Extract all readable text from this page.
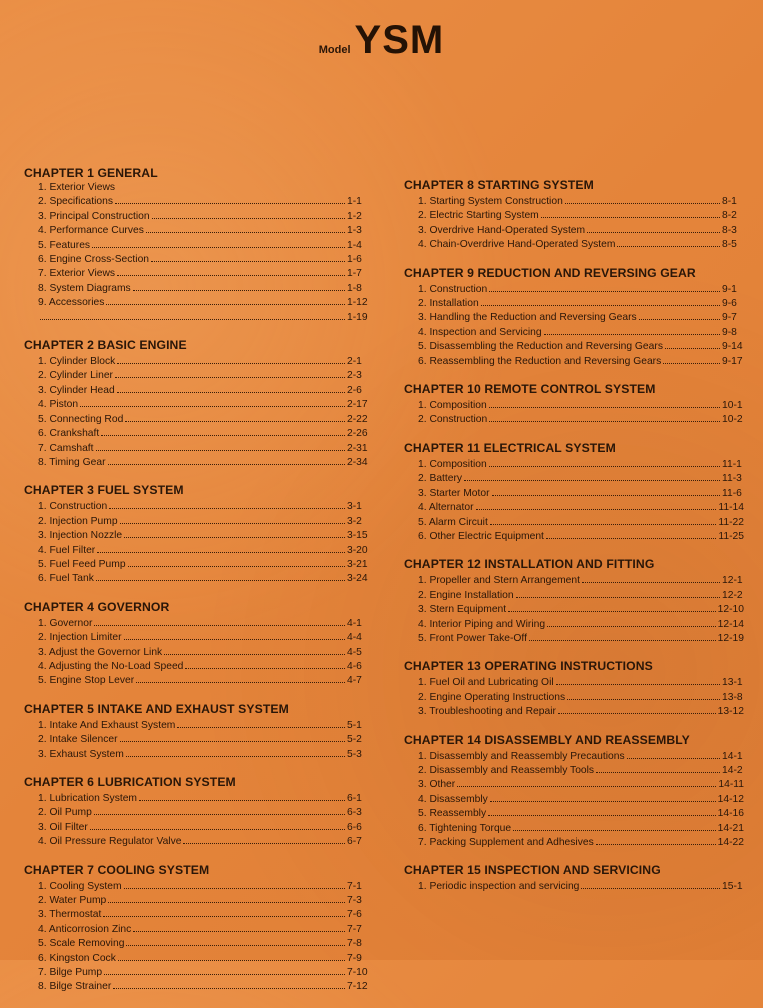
Model YSM
CHAPTER 1 GENERAL
1. Exterior Views
2. Specifications	1-1
3. Principal Construction	1-2
4. Performance Curves	1-3
5. Features	1-4
6. Engine Cross-Section	1-6
7. Exterior Views	1-7
8. System Diagrams	1-8
9. Accessories	1-12
1-19
CHAPTER 2 BASIC ENGINE
1. Cylinder Block	2-1
2. Cylinder Liner	2-3
3. Cylinder Head	2-6
4. Piston	2-17
5. Connecting Rod	2-22
6. Crankshaft	2-26
7. Camshaft	2-31
8. Timing Gear	2-34
CHAPTER 3 FUEL SYSTEM
1. Construction	3-1
2. Injection Pump	3-2
3. Injection Nozzle	3-15
4. Fuel Filter	3-20
5. Fuel Feed Pump	3-21
6. Fuel Tank	3-24
CHAPTER 4 GOVERNOR
1. Governor	4-1
2. Injection Limiter	4-4
3. Adjust the Governor Link	4-5
4. Adjusting the No-Load Speed	4-6
5. Engine Stop Lever	4-7
CHAPTER 5 INTAKE AND EXHAUST SYSTEM
1. Intake And Exhaust System	5-1
2. Intake Silencer	5-2
3. Exhaust System	5-3
CHAPTER 6 LUBRICATION SYSTEM
1. Lubrication System	6-1
2. Oil Pump	6-3
3. Oil Filter	6-6
4. Oil Pressure Regulator Valve	6-7
CHAPTER 7 COOLING SYSTEM
1. Cooling System	7-1
2. Water Pump	7-3
3. Thermostat	7-6
4. Anticorrosion Zinc	7-7
5. Scale Removing	7-8
6. Kingston Cock	7-9
7. Bilge Pump	7-10
8. Bilge Strainer	7-12
CHAPTER 8 STARTING SYSTEM
1. Starting System Construction	8-1
2. Electric Starting System	8-2
3. Overdrive Hand-Operated System	8-3
4. Chain-Overdrive Hand-Operated System	8-5
CHAPTER 9 REDUCTION AND REVERSING GEAR
1. Construction	9-1
2. Installation	9-6
3. Handling the Reduction and Reversing Gears	9-7
4. Inspection and Servicing	9-8
5. Disassembling the Reduction and Reversing Gears	9-14
6. Reassembling the Reduction and Reversing Gears	9-17
CHAPTER 10 REMOTE CONTROL SYSTEM
1. Composition	10-1
2. Construction	10-2
CHAPTER 11 ELECTRICAL SYSTEM
1. Composition	11-1
2. Battery	11-3
3. Starter Motor	11-6
4. Alternator	11-14
5. Alarm Circuit	11-22
6. Other Electric Equipment	11-25
CHAPTER 12 INSTALLATION AND FITTING
1. Propeller and Stern Arrangement	12-1
2. Engine Installation	12-2
3. Stern Equipment	12-10
4. Interior Piping and Wiring	12-14
5. Front Power Take-Off	12-19
CHAPTER 13 OPERATING INSTRUCTIONS
1. Fuel Oil and Lubricating Oil	13-1
2. Engine Operating Instructions	13-8
3. Troubleshooting and Repair	13-12
CHAPTER 14 DISASSEMBLY AND REASSEMBLY
1. Disassembly and Reassembly Precautions	14-1
2. Disassembly and Reassembly Tools	14-2
3. Other	14-11
4. Disassembly	14-12
5. Reassembly	14-16
6. Tightening Torque	14-21
7. Packing Supplement and Adhesives	14-22
CHAPTER 15 INSPECTION AND SERVICING
1. Periodic inspection and servicing	15-1
